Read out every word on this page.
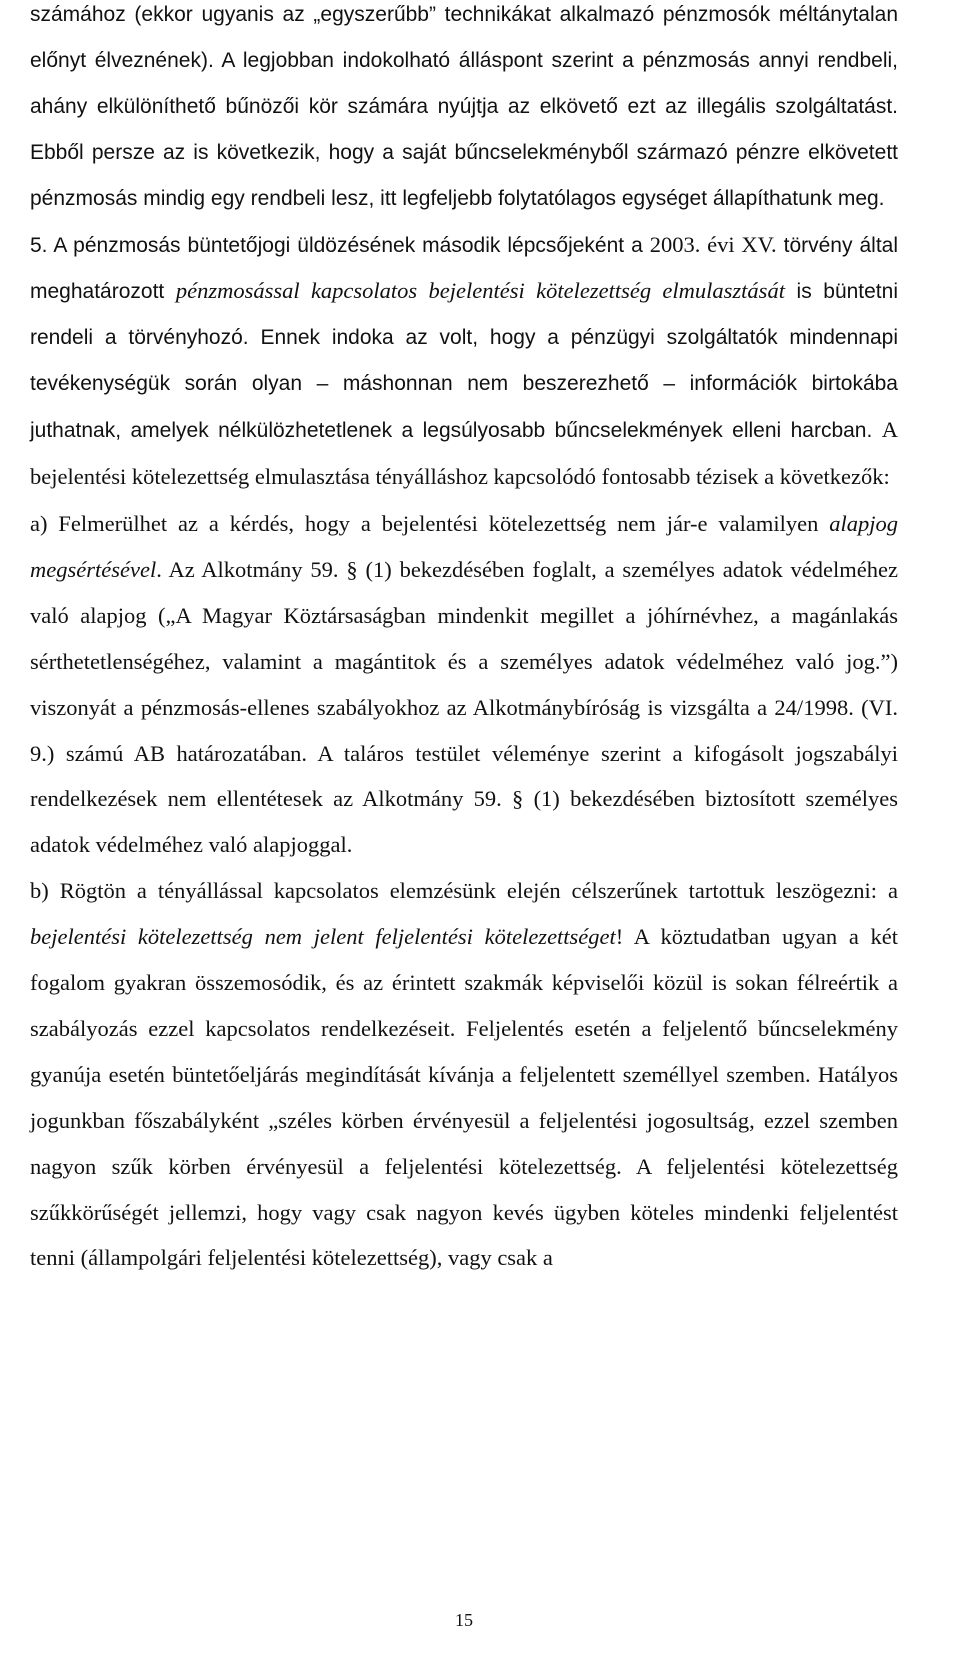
számához (ekkor ugyanis az „egyszerűbb” technikákat alkalmazó pénzmosók méltánytalan előnyt élveznének). A legjobban indokolható álláspont szerint a pénzmosás annyi rendbeli, ahány elkülöníthető bűnözői kör számára nyújtja az elkövető ezt az illegális szolgáltatást. Ebből persze az is következik, hogy a saját bűncselekményből származó pénzre elkövetett pénzmosás mindig egy rendbeli lesz, itt legfeljebb folytatólagos egységet állapíthatunk meg.

5. A pénzmosás büntetőjogi üldözésének második lépcsőjeként a 2003. évi XV. törvény által meghatározott pénzmosással kapcsolatos bejelentési kötelezettség elmulasztását is büntetni rendeli a törvényhozó. Ennek indoka az volt, hogy a pénzügyi szolgáltatók mindennapi tevékenységük során olyan – máshonnan nem beszerezhető – információk birtokába juthatnak, amelyek nélkülözhetetlenek a legsúlyosabb bűncselekmények elleni harcban. A bejelentési kötelezettség elmulasztása tényálláshoz kapcsolódó fontosabb tézisek a következők:

a) Felmerülhet az a kérdés, hogy a bejelentési kötelezettség nem jár-e valamilyen alapjog megsértésével. Az Alkotmány 59. § (1) bekezdésében foglalt, a személyes adatok védelméhez való alapjog („A Magyar Köztársaságban mindenkit megillet a jóhírnévhez, a magánlakás sérthetetlenségéhez, valamint a magántitok és a személyes adatok védelméhez való jog.”) viszonyát a pénzmosás-ellenes szabályokhoz az Alkotmánybíróság is vizsgálta a 24/1998. (VI. 9.) számú AB határozatában. A taláros testület véleménye szerint a kifogásolt jogszabályi rendelkezések nem ellentétesek az Alkotmány 59. § (1) bekezdésében biztosított személyes adatok védelméhez való alapjoggal.

b) Rögtön a tényállással kapcsolatos elemzésünk elején célszerűnek tartottuk leszögezni: a bejelentési kötelezettség nem jelent feljelentési kötelezettséget! A köztudatban ugyan a két fogalom gyakran összemosódik, és az érintett szakmák képviselői közül is sokan félreértik a szabályozás ezzel kapcsolatos rendelkezéseit. Feljelentés esetén a feljelentő bűncselekmény gyanúja esetén büntetőeljárás megindítását kívánja a feljelentett személlyel szemben. Hatályos jogunkban főszabályként „széles körben érvényesül a feljelentési jogosultság, ezzel szemben nagyon szűk körben érvényesül a feljelentési kötelezettség. A feljelentési kötelezettség szűkkörűségét jellemzi, hogy vagy csak nagyon kevés ügyben köteles mindenki feljelentést tenni (állampolgári feljelentési kötelezettség), vagy csak a

15
